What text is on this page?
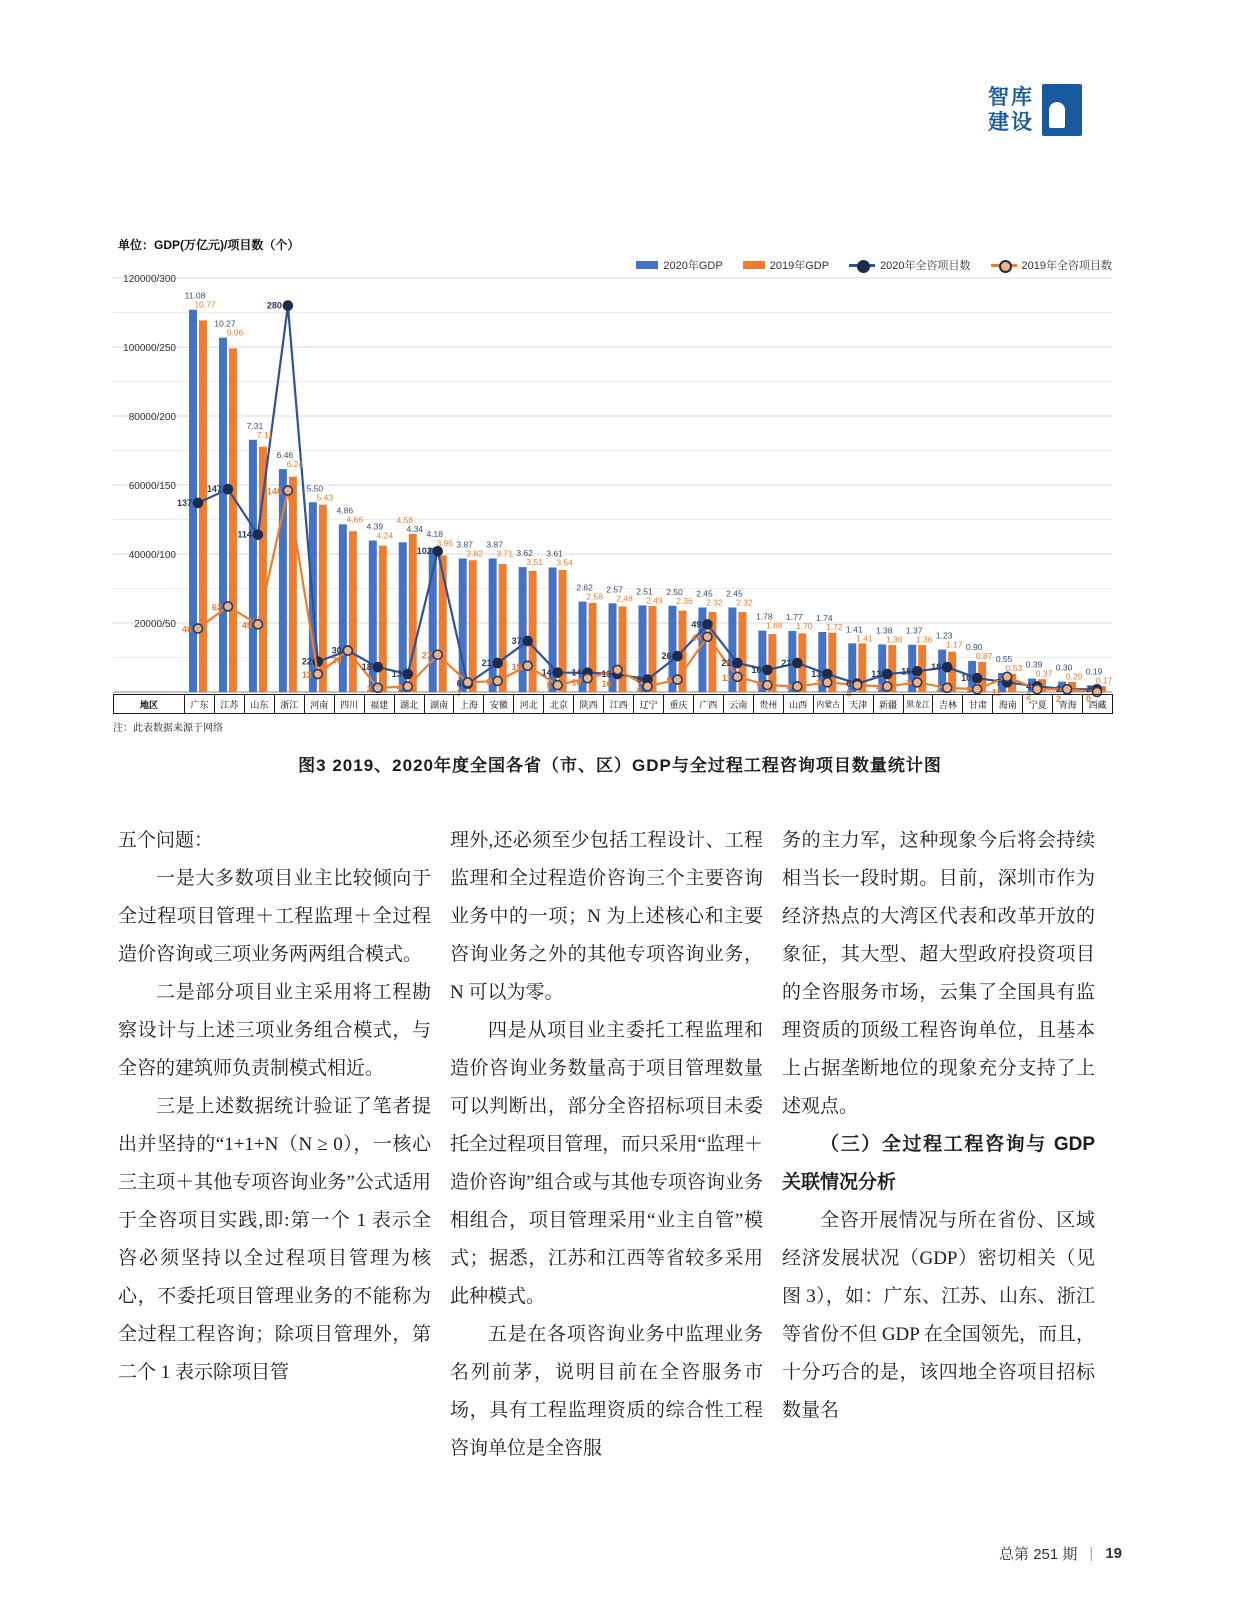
智库
建设
单位：GDP(万亿元)/项目数（个）
2020年GDP	2019年GDP	2020年全咨项目数	2019年全咨项目数
120000/300
100000/250
80000/200
60000/150
40000/100
20000/50
11.08
10.77
10.27
9.96
7.31
7.11
6.46
6.24
5.50
5.43
4.86
4.66
4.39
4.24
4.58
4.34 4.18
3.96 3.87
3.82
3.87
3.71 3.62
3.51
3.61
3.54
2.62
2.58
2.57
2.48
2.51
2.49
2.50
2.36
2.45
2.32
2.45
2.32
1.78
1.68
1.77
1.70
1.74
1.72 1.41
1.41
1.38
1.36
1.37
1.36 1.23
1.17 0.90
0.87 0.55
0.53 0.39
0.37
0.30
0.29
0.19
0.17
137
46
147
62
114
49
280
146
22
13
30
30
18
3
13
4
102
27
6
7
21
8
37
19
14
5
14
10
13
16	9
4
26
9
49
40
21
11
16
5
21
4
13
7	6
5
13
4
15
7
18
3
10
2
7
11
4
2
2
2
2
0
地区	广东	江苏	山东	浙江	河南	四川	福建	湖北	湖南	上海	安徽	河北	北京	陕西	江西	辽宁	重庆	广西	云南	贵州	山西	内蒙古 天津	新疆	黑龙江 吉林	甘肃	海南	宁夏	青海	西藏
注：此表数据来源于网络
图3 2019、2020年度全国各省（市、区）GDP与全过程工程咨询项目数量统计图

五个问题：

一是大多数项目业主比较倾向于全过程项目管理＋工程监理＋全过程造价咨询或三项业务两两组合模式。

二是部分项目业主采用将工程勘察设计与上述三项业务组合模式，与全咨的建筑师负责制模式相近。

三是上述数据统计验证了笔者提出并坚持的“1+1+N（N ≥ 0），一核心三主项＋其他专项咨询业务”公式适用于全咨项目实践,即:第一个 1 表示全咨必须坚持以全过程项目管理为核心，不委托项目管理业务的不能称为全过程工程咨询；除项目管理外，第二个 1 表示除项目管

理外,还必须至少包括工程设计、工程监理和全过程造价咨询三个主要咨询业务中的一项；N 为上述核心和主要咨询业务之外的其他专项咨询业务，N 可以为零。

四是从项目业主委托工程监理和造价咨询业务数量高于项目管理数量可以判断出，部分全咨招标项目未委托全过程项目管理，而只采用“监理＋造价咨询”组合或与其他专项咨询业务相组合，项目管理采用“业主自管”模式；据悉，江苏和江西等省较多采用此种模式。

五是在各项咨询业务中监理业务名列前茅，说明目前在全咨服务市场，具有工程监理资质的综合性工程咨询单位是全咨服

务的主力军，这种现象今后将会持续相当长一段时期。目前，深圳市作为经济热点的大湾区代表和改革开放的象征，其大型、超大型政府投资项目的全咨服务市场，云集了全国具有监理资质的顶级工程咨询单位，且基本上占据垄断地位的现象充分支持了上述观点。

（三）全过程工程咨询与 GDP 关联情况分析

全咨开展情况与所在省份、区域经济发展状况（GDP）密切相关（见图 3），如：广东、江苏、山东、浙江等省份不但 GDP 在全国领先，而且，十分巧合的是，该四地全咨项目招标数量名

总第 251 期 | 19
